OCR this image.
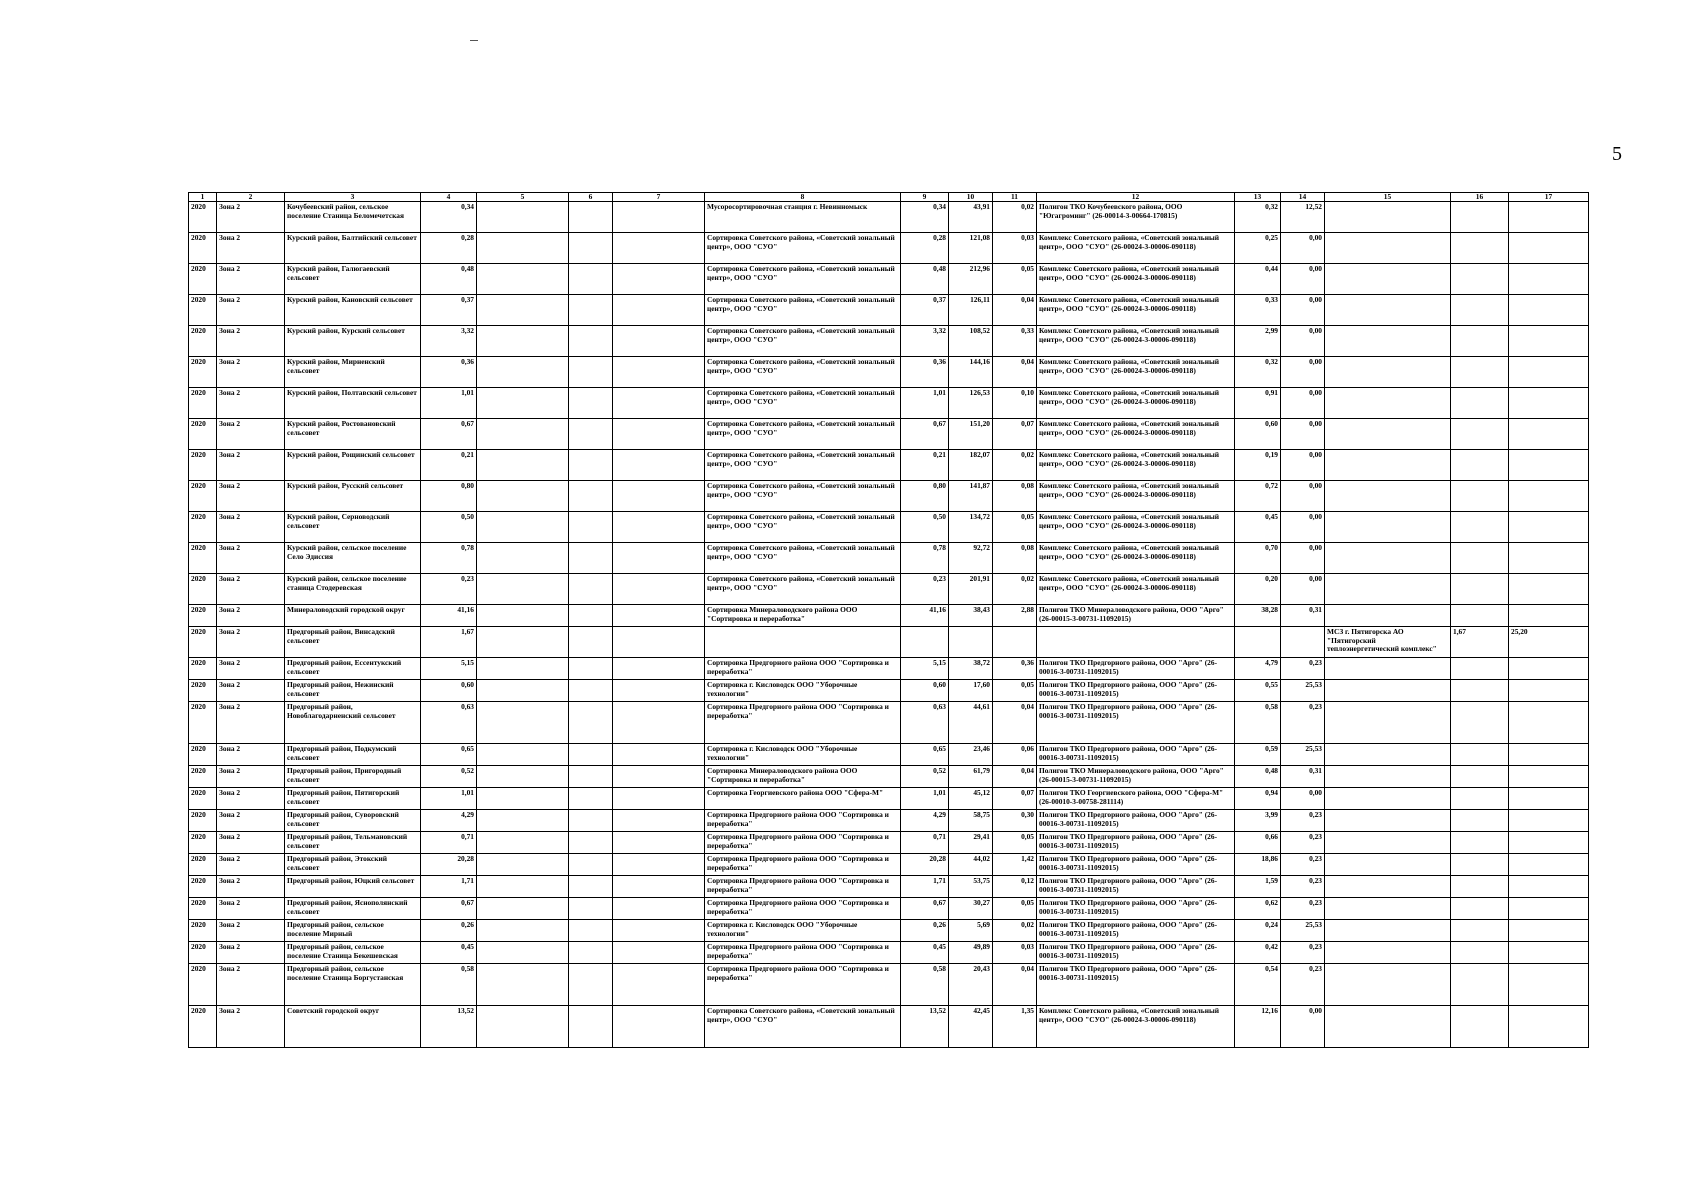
5
1	2	3	4	5	6	7	8	9	10	11	12	13	14	15	16	17
2020	Зона 2	Кочубеевский район, сельское поселение Станица Беломечетская	0,34				Мусоросортировочная станция г. Невинномыск	0,34	43,91	0,02	Полигон ТКО Кочубеевского района, ООО "Югагроминг" (26-00014-3-00664-170815)	0,32	12,52			
2020	Зона 2	Курский район, Балтийский сельсовет	0,28				Сортировка Советского района, «Советский зональный центр», ООО "СУО"	0,28	121,08	0,03	Комплекс Советского района, «Советский зональный центр», ООО "СУО" (26-00024-3-00006-090118)	0,25	0,00			
2020	Зона 2	Курский район, Галюгаевский сельсовет	0,48				Сортировка Советского района, «Советский зональный центр», ООО "СУО"	0,48	212,96	0,05	Комплекс Советского района, «Советский зональный центр», ООО "СУО" (26-00024-3-00006-090118)	0,44	0,00			
2020	Зона 2	Курский район, Кановский сельсовет	0,37				Сортировка Советского района, «Советский зональный центр», ООО "СУО"	0,37	126,11	0,04	Комплекс Советского района, «Советский зональный центр», ООО "СУО" (26-00024-3-00006-090118)	0,33	0,00			
2020	Зона 2	Курский район, Курский сельсовет	3,32				Сортировка Советского района, «Советский зональный центр», ООО "СУО"	3,32	108,52	0,33	Комплекс Советского района, «Советский зональный центр», ООО "СУО" (26-00024-3-00006-090118)	2,99	0,00			
2020	Зона 2	Курский район, Мирненский сельсовет	0,36				Сортировка Советского района, «Советский зональный центр», ООО "СУО"	0,36	144,16	0,04	Комплекс Советского района, «Советский зональный центр», ООО "СУО" (26-00024-3-00006-090118)	0,32	0,00			
2020	Зона 2	Курский район, Полтавский сельсовет	1,01				Сортировка Советского района, «Советский зональный центр», ООО "СУО"	1,01	126,53	0,10	Комплекс Советского района, «Советский зональный центр», ООО "СУО" (26-00024-3-00006-090118)	0,91	0,00			
2020	Зона 2	Курский район, Ростовановский сельсовет	0,67				Сортировка Советского района, «Советский зональный центр», ООО "СУО"	0,67	151,20	0,07	Комплекс Советского района, «Советский зональный центр», ООО "СУО" (26-00024-3-00006-090118)	0,60	0,00			
2020	Зона 2	Курский район, Рощинский сельсовет	0,21				Сортировка Советского района, «Советский зональный центр», ООО "СУО"	0,21	182,07	0,02	Комплекс Советского района, «Советский зональный центр», ООО "СУО" (26-00024-3-00006-090118)	0,19	0,00			
2020	Зона 2	Курский район, Русский сельсовет	0,80				Сортировка Советского района, «Советский зональный центр», ООО "СУО"	0,80	141,87	0,08	Комплекс Советского района, «Советский зональный центр», ООО "СУО" (26-00024-3-00006-090118)	0,72	0,00			
2020	Зона 2	Курский район, Серноводский сельсовет	0,50				Сортировка Советского района, «Советский зональный центр», ООО "СУО"	0,50	134,72	0,05	Комплекс Советского района, «Советский зональный центр», ООО "СУО" (26-00024-3-00006-090118)	0,45	0,00			
2020	Зона 2	Курский район, сельское поселение Село Эдиссия	0,78				Сортировка Советского района, «Советский зональный центр», ООО "СУО"	0,78	92,72	0,08	Комплекс Советского района, «Советский зональный центр», ООО "СУО" (26-00024-3-00006-090118)	0,70	0,00			
2020	Зона 2	Курский район, сельское поселение станица Стодеревская	0,23				Сортировка Советского района, «Советский зональный центр», ООО "СУО"	0,23	201,91	0,02	Комплекс Советского района, «Советский зональный центр», ООО "СУО" (26-00024-3-00006-090118)	0,20	0,00			
2020	Зона 2	Минераловодский городской округ	41,16				Сортировка Минераловодского района ООО "Сортировка и переработка"	41,16	38,43	2,88	Полигон ТКО Минераловодского района, ООО "Арго" (26-00015-3-00731-11092015)	38,28	0,31			
2020	Зона 2	Предгорный район, Винсадский сельсовет	1,67											МСЗ г. Пятигорска АО "Пятигорский теплоэнергетический комплекс"	1,67	25,20
2020	Зона 2	Предгорный район, Ессентукский сельсовет	5,15				Сортировка Предгорного района ООО "Сортировка и переработка"	5,15	38,72	0,36	Полигон ТКО Предгорного района, ООО "Арго" (26-00016-3-00731-11092015)	4,79	0,23			
2020	Зона 2	Предгорный район, Нежинский сельсовет	0,60				Сортировка г. Кисловодск ООО "Уборочные технологии"	0,60	17,60	0,05	Полигон ТКО Предгорного района, ООО "Арго" (26-00016-3-00731-11092015)	0,55	25,53			
2020	Зона 2	Предгорный район, Новоблагодарненский сельсовет	0,63				Сортировка Предгорного района ООО "Сортировка и переработка"	0,63	44,61	0,04	Полигон ТКО Предгорного района, ООО "Арго" (26-00016-3-00731-11092015)	0,58	0,23			
2020	Зона 2	Предгорный район, Подкумский сельсовет	0,65				Сортировка г. Кисловодск ООО "Уборочные технологии"	0,65	23,46	0,06	Полигон ТКО Предгорного района, ООО "Арго" (26-00016-3-00731-11092015)	0,59	25,53			
2020	Зона 2	Предгорный район, Пригородный сельсовет	0,52				Сортировка Минераловодского района ООО "Сортировка и переработка"	0,52	61,79	0,04	Полигон ТКО Минераловодского района, ООО "Арго" (26-00015-3-00731-11092015)	0,48	0,31			
2020	Зона 2	Предгорный район, Пятигорский сельсовет	1,01				Сортировка Георгиевского района ООО "Сфера-М"	1,01	45,12	0,07	Полигон ТКО Георгиевского района, ООО "Сфера-М" (26-00010-3-00758-281114)	0,94	0,00			
2020	Зона 2	Предгорный район, Суворовский сельсовет	4,29				Сортировка Предгорного района ООО "Сортировка и переработка"	4,29	58,75	0,30	Полигон ТКО Предгорного района, ООО "Арго" (26-00016-3-00731-11092015)	3,99	0,23			
2020	Зона 2	Предгорный район, Тельмановский сельсовет	0,71				Сортировка Предгорного района ООО "Сортировка и переработка"	0,71	29,41	0,05	Полигон ТКО Предгорного района, ООО "Арго" (26-00016-3-00731-11092015)	0,66	0,23			
2020	Зона 2	Предгорный район, Этокский сельсовет	20,28				Сортировка Предгорного района ООО "Сортировка и переработка"	20,28	44,02	1,42	Полигон ТКО Предгорного района, ООО "Арго" (26-00016-3-00731-11092015)	18,86	0,23			
2020	Зона 2	Предгорный район, Юцкий сельсовет	1,71				Сортировка Предгорного района ООО "Сортировка и переработка"	1,71	53,75	0,12	Полигон ТКО Предгорного района, ООО "Арго" (26-00016-3-00731-11092015)	1,59	0,23			
2020	Зона 2	Предгорный район, Яснополянский сельсовет	0,67				Сортировка Предгорного района ООО "Сортировка и переработка"	0,67	30,27	0,05	Полигон ТКО Предгорного района, ООО "Арго" (26-00016-3-00731-11092015)	0,62	0,23			
2020	Зона 2	Предгорный район, сельское поселение Мирный	0,26				Сортировка г. Кисловодск ООО "Уборочные технологии"	0,26	5,69	0,02	Полигон ТКО Предгорного района, ООО "Арго" (26-00016-3-00731-11092015)	0,24	25,53			
2020	Зона 2	Предгорный район, сельское поселение Станица Бекешевская	0,45				Сортировка Предгорного района ООО "Сортировка и переработка"	0,45	49,89	0,03	Полигон ТКО Предгорного района, ООО "Арго" (26-00016-3-00731-11092015)	0,42	0,23			
2020	Зона 2	Предгорный район, сельское поселение Станица Боргустанская	0,58				Сортировка Предгорного района ООО "Сортировка и переработка"	0,58	20,43	0,04	Полигон ТКО Предгорного района, ООО "Арго" (26-00016-3-00731-11092015)	0,54	0,23			
2020	Зона 2	Советский городской округ	13,52				Сортировка Советского района, «Советский зональный центр», ООО "СУО"	13,52	42,45	1,35	Комплекс Советского района, «Советский зональный центр», ООО "СУО" (26-00024-3-00006-090118)	12,16	0,00			
